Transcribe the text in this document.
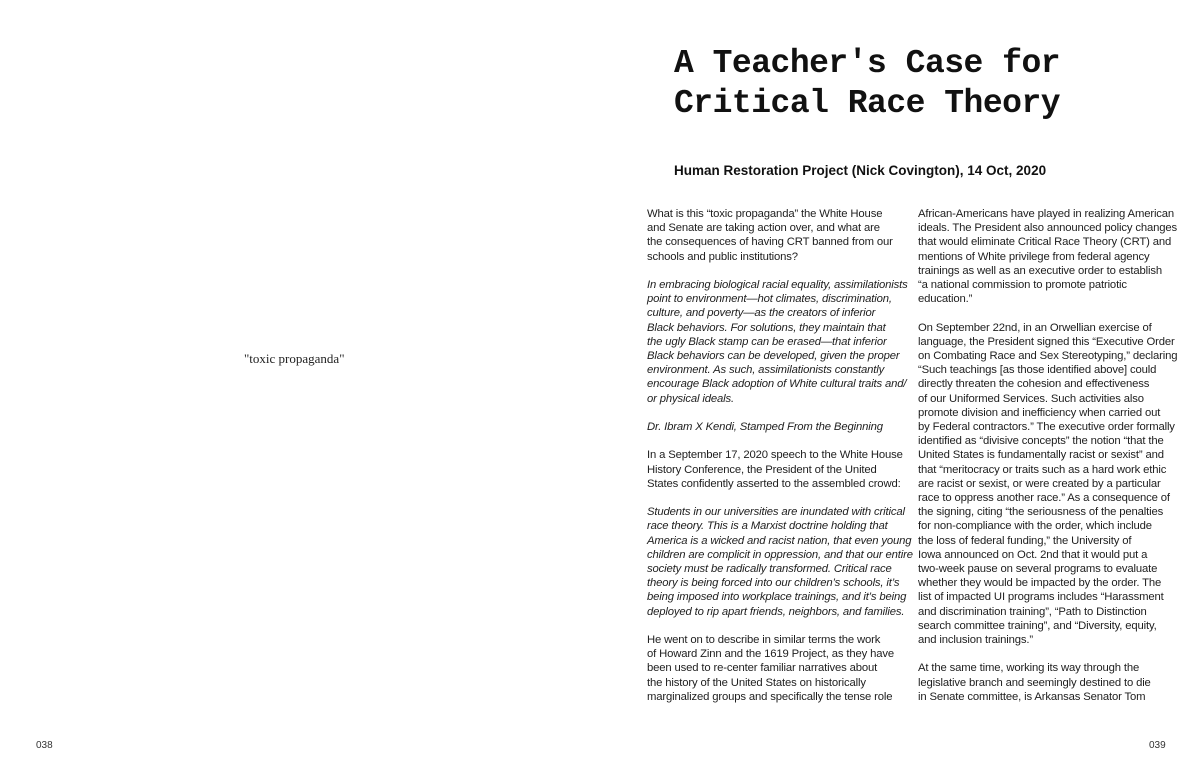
"toxic propaganda"
038
A Teacher's Case for
Critical Race Theory
Human Restoration Project (Nick Covington), 14 Oct, 2020

What is this “toxic propaganda” the White House
and Senate are taking action over, and what are
the consequences of having CRT banned from our
schools and public institutions?

In embracing biological racial equality, assimilationists
point to environment—hot climates, discrimination,
culture, and poverty—as the creators of inferior
Black behaviors. For solutions, they maintain that
the ugly Black stamp can be erased—that inferior
Black behaviors can be developed, given the proper
environment. As such, assimilationists constantly
encourage Black adoption of White cultural traits and/
or physical ideals.

Dr. Ibram X Kendi, Stamped From the Beginning

In a September 17, 2020 speech to the White House
History Conference, the President of the United
States confidently asserted to the assembled crowd:

Students in our universities are inundated with critical
race theory. This is a Marxist doctrine holding that
America is a wicked and racist nation, that even young
children are complicit in oppression, and that our entire
society must be radically transformed. Critical race
theory is being forced into our children’s schools, it’s
being imposed into workplace trainings, and it’s being
deployed to rip apart friends, neighbors, and families.

He went on to describe in similar terms the work
of Howard Zinn and the 1619 Project, as they have
been used to re-center familiar narratives about
the history of the United States on historically
marginalized groups and specifically the tense role

African-Americans have played in realizing American
ideals. The President also announced policy changes
that would eliminate Critical Race Theory (CRT) and
mentions of White privilege from federal agency
trainings as well as an executive order to establish
“a national commission to promote patriotic
education.”

On September 22nd, in an Orwellian exercise of
language, the President signed this “Executive Order
on Combating Race and Sex Stereotyping,” declaring
“Such teachings [as those identified above] could
directly threaten the cohesion and effectiveness
of our Uniformed Services. Such activities also
promote division and inefficiency when carried out
by Federal contractors.” The executive order formally
identified as “divisive concepts” the notion “that the
United States is fundamentally racist or sexist” and
that “meritocracy or traits such as a hard work ethic
are racist or sexist, or were created by a particular
race to oppress another race.” As a consequence of
the signing, citing “the seriousness of the penalties
for non-compliance with the order, which include
the loss of federal funding,” the University of
Iowa announced on Oct. 2nd that it would put a
two-week pause on several programs to evaluate
whether they would be impacted by the order. The
list of impacted UI programs includes “Harassment
and discrimination training”, “Path to Distinction
search committee training”, and “Diversity, equity,
and inclusion trainings.”

At the same time, working its way through the
legislative branch and seemingly destined to die
in Senate committee, is Arkansas Senator Tom

039
